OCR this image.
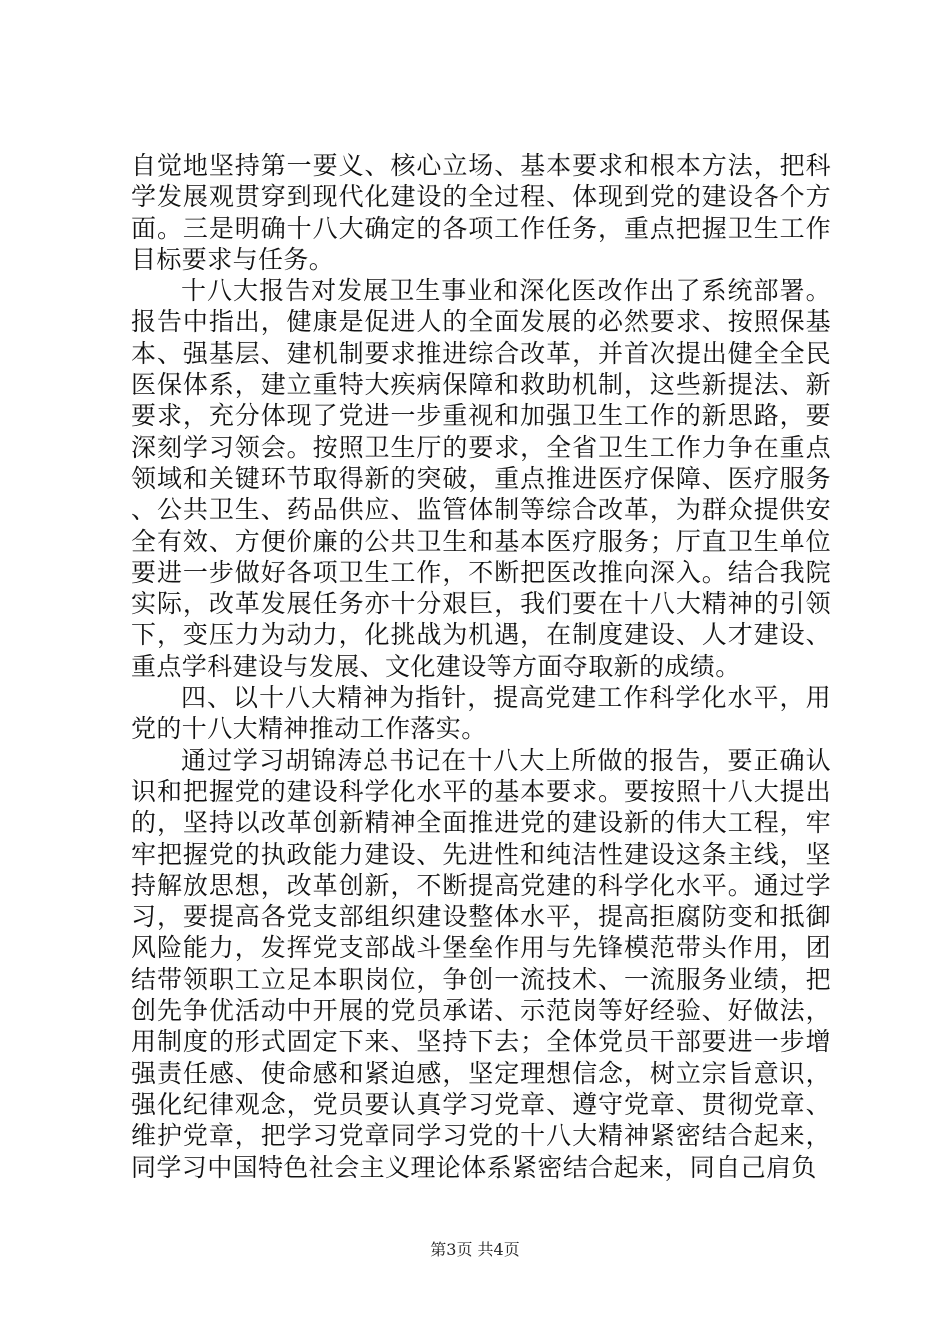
自觉地坚持第一要义、核心立场、基本要求和根本方法，把科学发展观贯穿到现代化建设的全过程、体现到党的建设各个方面。三是明确十八大确定的各项工作任务，重点把握卫生工作目标要求与任务。

十八大报告对发展卫生事业和深化医改作出了系统部署。报告中指出，健康是促进人的全面发展的必然要求、按照保基本、强基层、建机制要求推进综合改革，并首次提出健全全民医保体系，建立重特大疾病保障和救助机制，这些新提法、新要求，充分体现了党进一步重视和加强卫生工作的新思路，要深刻学习领会。按照卫生厅的要求，全省卫生工作力争在重点领域和关键环节取得新的突破，重点推进医疗保障、医疗服务、公共卫生、药品供应、监管体制等综合改革，为群众提供安全有效、方便价廉的公共卫生和基本医疗服务；厅直卫生单位要进一步做好各项卫生工作，不断把医改推向深入。结合我院实际，改革发展任务亦十分艰巨，我们要在十八大精神的引领下，变压力为动力，化挑战为机遇，在制度建设、人才建设、重点学科建设与发展、文化建设等方面夺取新的成绩。

四、以十八大精神为指针，提高党建工作科学化水平，用党的十八大精神推动工作落实。

通过学习胡锦涛总书记在十八大上所做的报告，要正确认识和把握党的建设科学化水平的基本要求。要按照十八大提出的，坚持以改革创新精神全面推进党的建设新的伟大工程，牢牢把握党的执政能力建设、先进性和纯洁性建设这条主线，坚持解放思想，改革创新，不断提高党建的科学化水平。通过学习，要提高各党支部组织建设整体水平，提高拒腐防变和抵御风险能力，发挥党支部战斗堡垒作用与先锋模范带头作用，团结带领职工立足本职岗位，争创一流技术、一流服务业绩，把创先争优活动中开展的党员承诺、示范岗等好经验、好做法，用制度的形式固定下来、坚持下去；全体党员干部要进一步增强责任感、使命感和紧迫感，坚定理想信念，树立宗旨意识，强化纪律观念，党员要认真学习党章、遵守党章、贯彻党章、维护党章，把学习党章同学习党的十八大精神紧密结合起来，同学习中国特色社会主义理论体系紧密结合起来，同自己肩负

第3页 共4页
